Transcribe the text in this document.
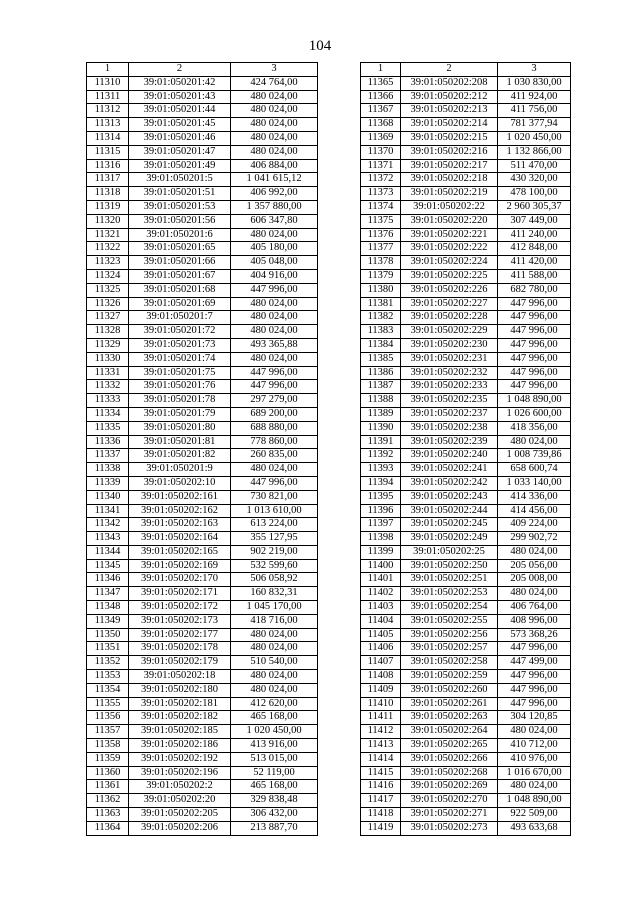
104
1	2	3
11310	39:01:050201:42	424 764,00
11311	39:01:050201:43	480 024,00
11312	39:01:050201:44	480 024,00
11313	39:01:050201:45	480 024,00
11314	39:01:050201:46	480 024,00
11315	39:01:050201:47	480 024,00
11316	39:01:050201:49	406 884,00
11317	39:01:050201:5	1 041 615,12
11318	39:01:050201:51	406 992,00
11319	39:01:050201:53	1 357 880,00
11320	39:01:050201:56	606 347,80
11321	39:01:050201:6	480 024,00
11322	39:01:050201:65	405 180,00
11323	39:01:050201:66	405 048,00
11324	39:01:050201:67	404 916,00
11325	39:01:050201:68	447 996,00
11326	39:01:050201:69	480 024,00
11327	39:01:050201:7	480 024,00
11328	39:01:050201:72	480 024,00
11329	39:01:050201:73	493 365,88
11330	39:01:050201:74	480 024,00
11331	39:01:050201:75	447 996,00
11332	39:01:050201:76	447 996,00
11333	39:01:050201:78	297 279,00
11334	39:01:050201:79	689 200,00
11335	39:01:050201:80	688 880,00
11336	39:01:050201:81	778 860,00
11337	39:01:050201:82	260 835,00
11338	39:01:050201:9	480 024,00
11339	39:01:050202:10	447 996,00
11340	39:01:050202:161	730 821,00
11341	39:01:050202:162	1 013 610,00
11342	39:01:050202:163	613 224,00
11343	39:01:050202:164	355 127,95
11344	39:01:050202:165	902 219,00
11345	39:01:050202:169	532 599,60
11346	39:01:050202:170	506 058,92
11347	39:01:050202:171	160 832,31
11348	39:01:050202:172	1 045 170,00
11349	39:01:050202:173	418 716,00
11350	39:01:050202:177	480 024,00
11351	39:01:050202:178	480 024,00
11352	39:01:050202:179	510 540,00
11353	39:01:050202:18	480 024,00
11354	39:01:050202:180	480 024,00
11355	39:01:050202:181	412 620,00
11356	39:01:050202:182	465 168,00
11357	39:01:050202:185	1 020 450,00
11358	39:01:050202:186	413 916,00
11359	39:01:050202:192	513 015,00
11360	39:01:050202:196	52 119,00
11361	39:01:050202:2	465 168,00
11362	39:01:050202:20	329 838,48
11363	39:01:050202:205	306 432,00
11364	39:01:050202:206	213 887,70
1	2	3
11365	39:01:050202:208	1 030 830,00
11366	39:01:050202:212	411 924,00
11367	39:01:050202:213	411 756,00
11368	39:01:050202:214	781 377,94
11369	39:01:050202:215	1 020 450,00
11370	39:01:050202:216	1 132 866,00
11371	39:01:050202:217	511 470,00
11372	39:01:050202:218	430 320,00
11373	39:01:050202:219	478 100,00
11374	39:01:050202:22	2 960 305,37
11375	39:01:050202:220	307 449,00
11376	39:01:050202:221	411 240,00
11377	39:01:050202:222	412 848,00
11378	39:01:050202:224	411 420,00
11379	39:01:050202:225	411 588,00
11380	39:01:050202:226	682 780,00
11381	39:01:050202:227	447 996,00
11382	39:01:050202:228	447 996,00
11383	39:01:050202:229	447 996,00
11384	39:01:050202:230	447 996,00
11385	39:01:050202:231	447 996,00
11386	39:01:050202:232	447 996,00
11387	39:01:050202:233	447 996,00
11388	39:01:050202:235	1 048 890,00
11389	39:01:050202:237	1 026 600,00
11390	39:01:050202:238	418 356,00
11391	39:01:050202:239	480 024,00
11392	39:01:050202:240	1 008 739,86
11393	39:01:050202:241	658 600,74
11394	39:01:050202:242	1 033 140,00
11395	39:01:050202:243	414 336,00
11396	39:01:050202:244	414 456,00
11397	39:01:050202:245	409 224,00
11398	39:01:050202:249	299 902,72
11399	39:01:050202:25	480 024,00
11400	39:01:050202:250	205 056,00
11401	39:01:050202:251	205 008,00
11402	39:01:050202:253	480 024,00
11403	39:01:050202:254	406 764,00
11404	39:01:050202:255	408 996,00
11405	39:01:050202:256	573 368,26
11406	39:01:050202:257	447 996,00
11407	39:01:050202:258	447 499,00
11408	39:01:050202:259	447 996,00
11409	39:01:050202:260	447 996,00
11410	39:01:050202:261	447 996,00
11411	39:01:050202:263	304 120,85
11412	39:01:050202:264	480 024,00
11413	39:01:050202:265	410 712,00
11414	39:01:050202:266	410 976,00
11415	39:01:050202:268	1 016 670,00
11416	39:01:050202:269	480 024,00
11417	39:01:050202:270	1 048 890,00
11418	39:01:050202:271	922 509,00
11419	39:01:050202:273	493 633,68
